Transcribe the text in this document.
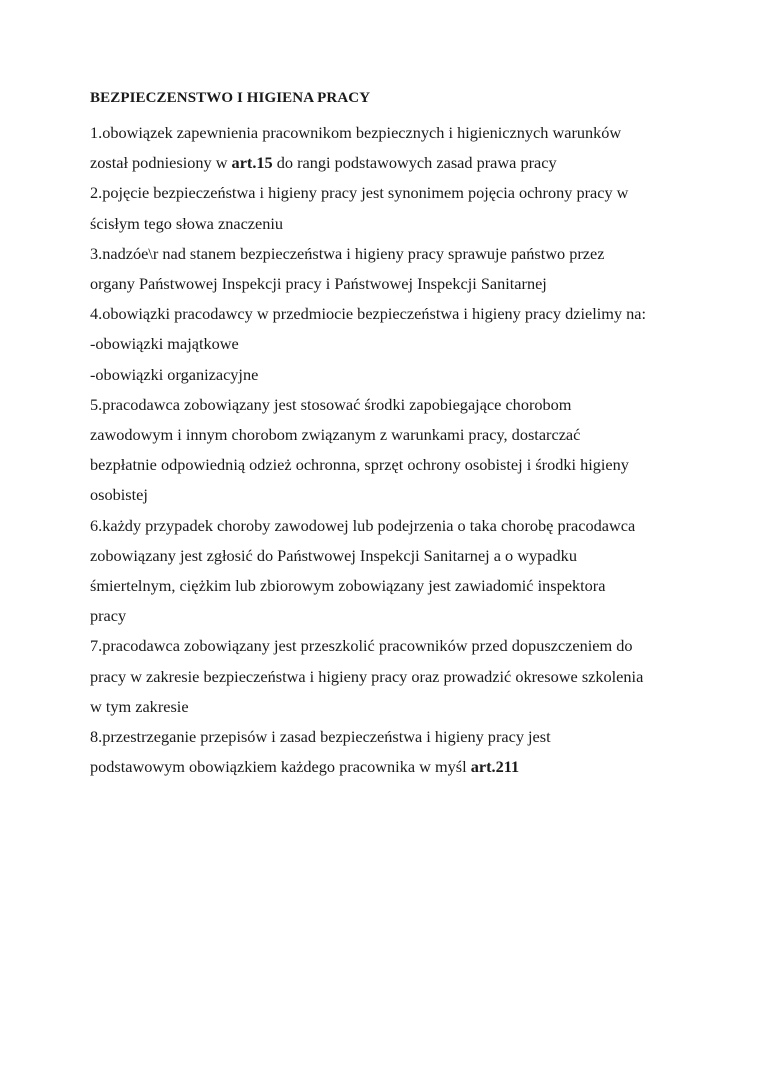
BEZPIECZENSTWO I HIGIENA PRACY
1.obowiązek zapewnienia pracownikom bezpiecznych i higienicznych warunków
został podniesiony w art.15 do rangi podstawowych zasad prawa pracy
2.pojęcie bezpieczeństwa i higieny pracy jest synonimem pojęcia ochrony pracy w
ścisłym tego słowa znaczeniu
3.nadzóe\r nad stanem bezpieczeństwa i higieny pracy sprawuje państwo przez
organy Państwowej Inspekcji pracy i Państwowej Inspekcji Sanitarnej
4.obowiązki pracodawcy w przedmiocie bezpieczeństwa i higieny pracy dzielimy na:
-obowiązki majątkowe
-obowiązki organizacyjne
5.pracodawca zobowiązany jest stosować środki zapobiegające chorobom
zawodowym i innym chorobom związanym z warunkami pracy, dostarczać
bezpłatnie odpowiednią odzież ochronna, sprzęt ochrony osobistej i środki higieny
osobistej
6.każdy przypadek choroby zawodowej lub podejrzenia o taka chorobę pracodawca
zobowiązany jest zgłosić do Państwowej Inspekcji Sanitarnej a o wypadku
śmiertelnym, ciężkim lub zbiorowym zobowiązany jest zawiadomić inspektora
pracy
7.pracodawca zobowiązany jest przeszkolić pracowników przed dopuszczeniem do
pracy w zakresie bezpieczeństwa i higieny pracy oraz prowadzić okresowe szkolenia
w tym zakresie
8.przestrzeganie przepisów i zasad bezpieczeństwa i higieny pracy jest
podstawowym obowiązkiem każdego pracownika w myśl art.211
